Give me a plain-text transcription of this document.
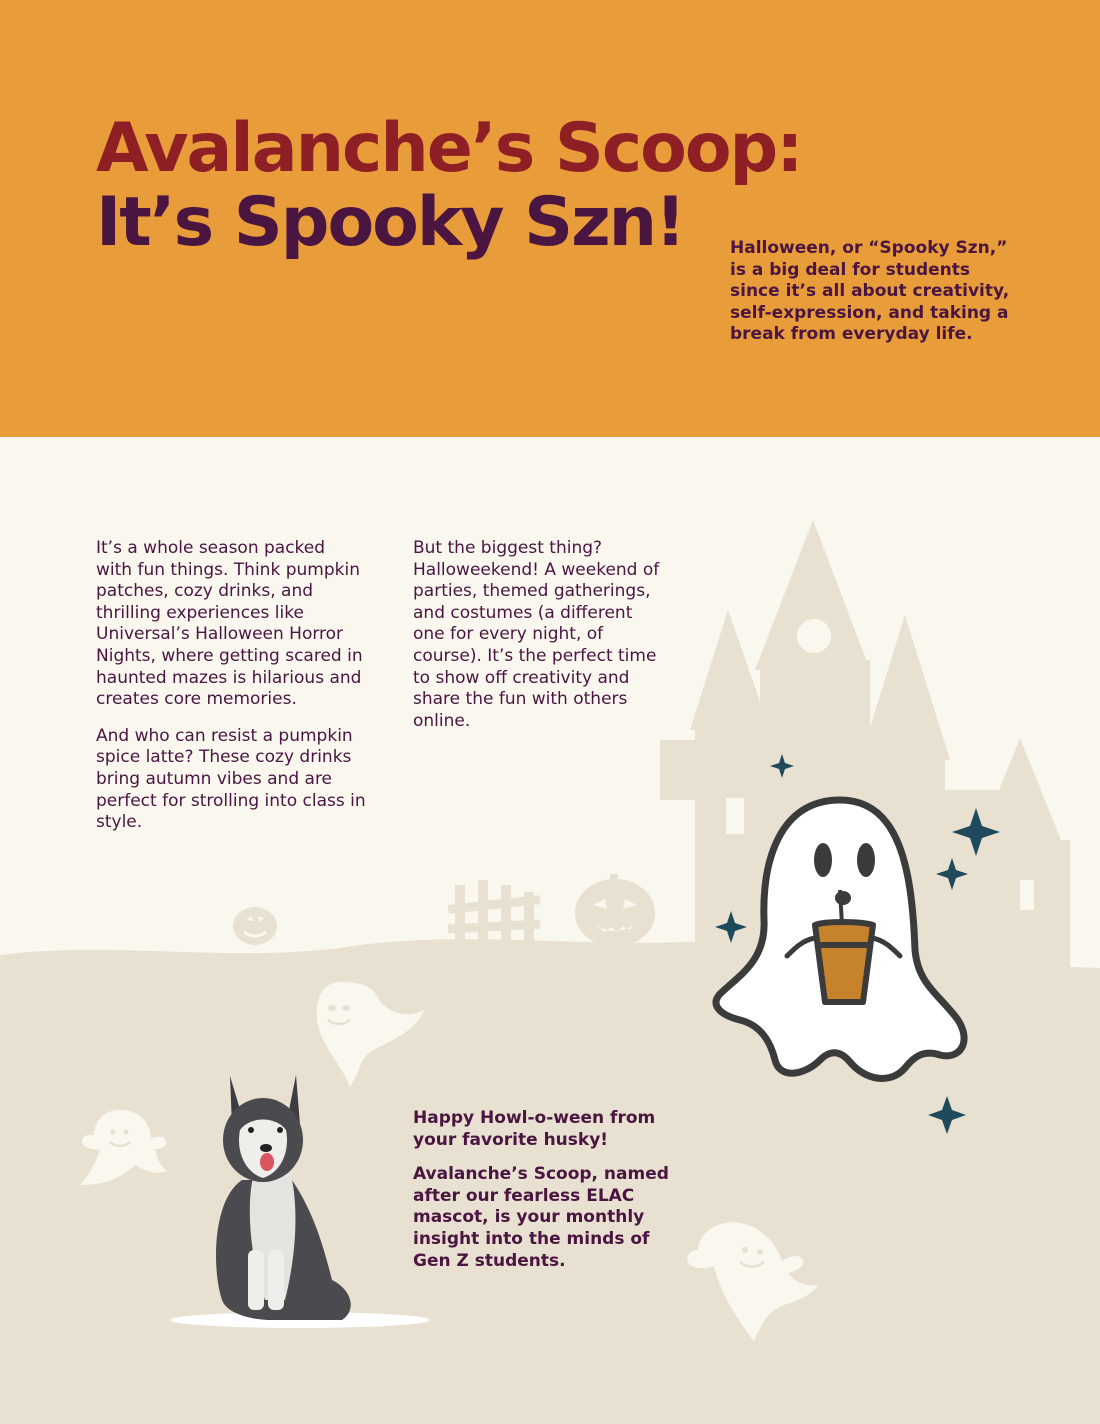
Avalanche’s Scoop:
It’s Spooky Szn!	Halloween, or “Spooky Szn,” is a big deal for students since it’s all about creativity, self-expression, and taking a break from everyday life.

It’s a whole season packed with fun things. Think pumpkin patches, cozy drinks, and thrilling experiences like Universal’s Halloween Horror Nights, where getting scared in haunted mazes is hilarious and creates core memories.

And who can resist a pumpkin spice latte? These cozy drinks bring autumn vibes and are perfect for strolling into class in style.

But the biggest thing? Halloweekend! A weekend of parties, themed gatherings, and costumes (a different one for every night, of course). It’s the perfect time to show off creativity and share the fun with others online.

Happy Howl-o-ween from your favorite husky!

Avalanche’s Scoop, named after our fearless ELAC mascot, is your monthly insight into the minds of Gen Z students.
